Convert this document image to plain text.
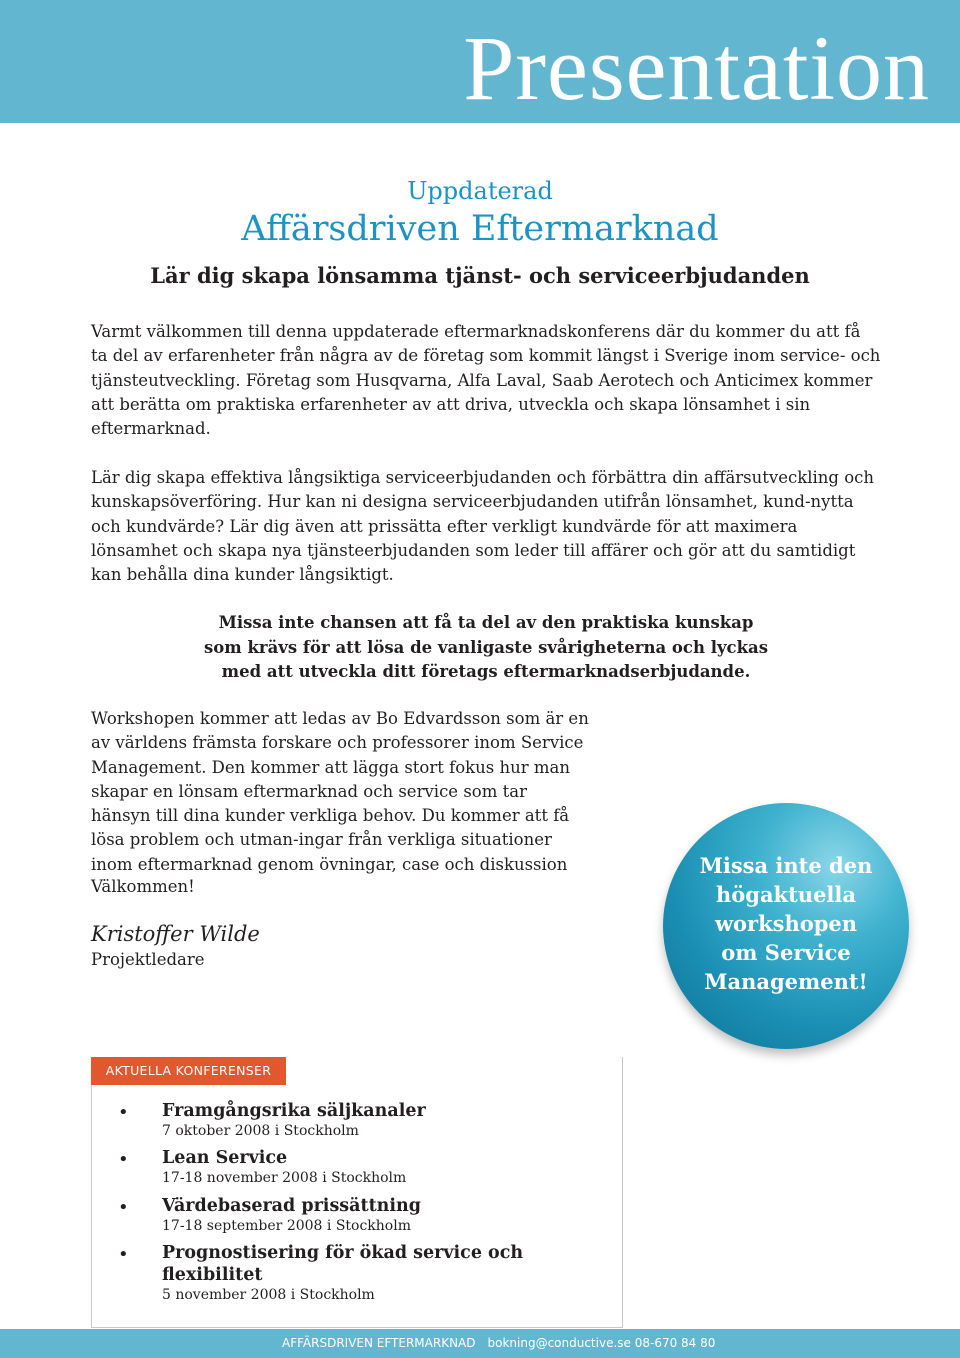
Presentation
Uppdaterad
Affärsdriven Eftermarknad
Lär dig skapa lönsamma tjänst- och serviceerbjudanden

Varmt välkommen till denna uppdaterade eftermarknadskonferens där du kommer du att få ta del av erfarenheter från några av de företag som kommit längst i Sverige inom service- och tjänsteutveckling. Företag som Husqvarna, Alfa Laval, Saab Aerotech och Anticimex kommer att berätta om praktiska erfarenheter av att driva, utveckla och skapa lönsamhet i sin eftermarknad.

Lär dig skapa effektiva långsiktiga serviceerbjudanden och förbättra din affärsutveckling och kunskapsöverföring. Hur kan ni designa serviceerbjudanden utifrån lönsamhet, kund-nytta och kundvärde? Lär dig även att prissätta efter verkligt kundvärde för att maximera lönsamhet och skapa nya tjänsteerbjudanden som leder till affärer och gör att du samtidigt kan behålla dina kunder långsiktigt.

Missa inte chansen att få ta del av den praktiska kunskap
som krävs för att lösa de vanligaste svårigheterna och lyckas
med att utveckla ditt företags eftermarknadserbjudande.

Workshopen kommer att ledas av Bo Edvardsson som är en av världens främsta forskare och professorer inom Service Management. Den kommer att lägga stort fokus hur man skapar en lönsam eftermarknad och service som tar hänsyn till dina kunder verkliga behov. Du kommer att få lösa problem och utman-ingar från verkliga situationer inom eftermarknad genom övningar, case och diskussion

Välkommen!
Kristoffer Wilde
Projektledare
Missa inte den
högaktuella
workshopen
om Service
Management!
AKTUELLA KONFERENSER
• Framgångsrika säljkanaler
7 oktober 2008 i Stockholm
• Lean Service
17-18 november 2008 i Stockholm
• Värdebaserad prissättning
17-18 september 2008 i Stockholm
• Prognostisering för ökad service och flexibilitet
5 november 2008 i Stockholm
AFFÄRSDRIVEN EFTERMARKNAD bokning@conductive.se 08-670 84 80
